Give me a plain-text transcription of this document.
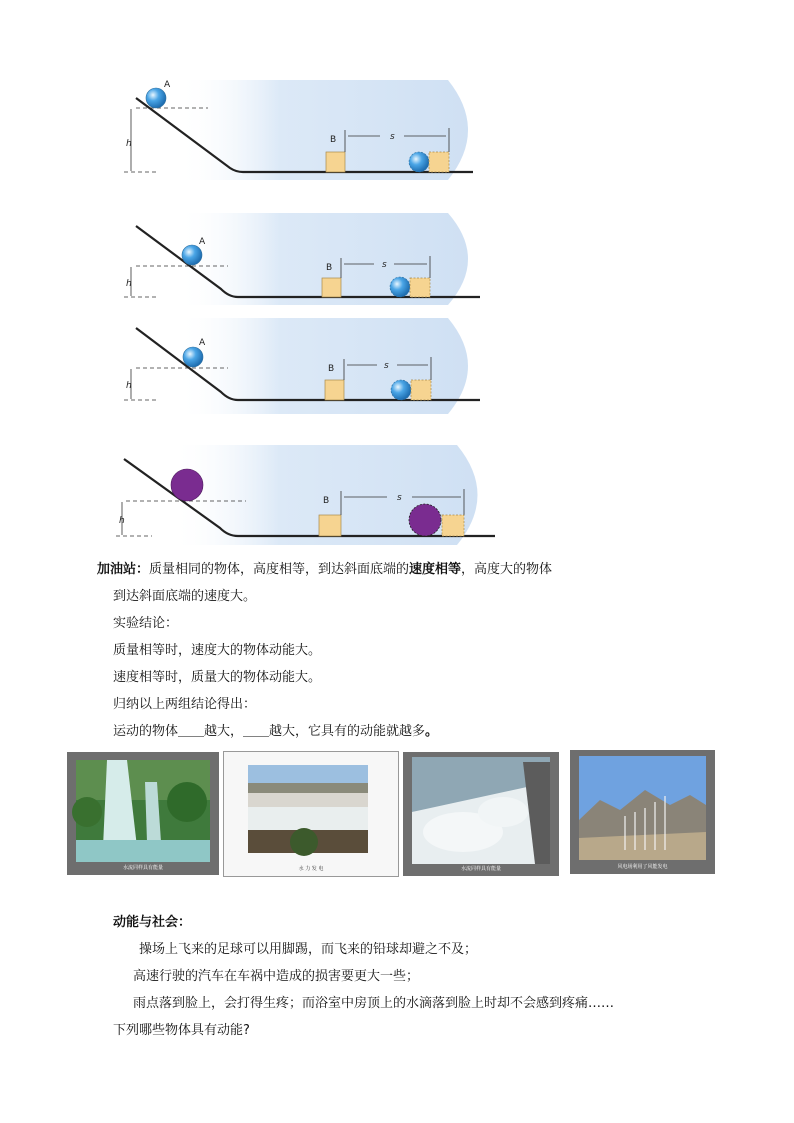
h
A
B	s
h
A
B	s
h
A
B	s
h
B	s
加油站：质量相同的物体，高度相等，到达斜面底端的速度相等，高度大的物体
到达斜面底端的速度大。
实验结论：
质量相等时，速度大的物体动能大。
速度相等时，质量大的物体动能大。
归纳以上两组结论得出：
运动的物体＿＿越大，＿＿越大，它具有的动能就越多。
水流同样具有能量	水 力 发 电	水流同样具有能量	风电场利用了风能发电
动能与社会：
操场上飞来的足球可以用脚踢，而飞来的铅球却避之不及；
高速行驶的汽车在车祸中造成的损害要更大一些；
雨点落到脸上，会打得生疼；而浴室中房顶上的水滴落到脸上时却不会感到疼痛……
下列哪些物体具有动能?
